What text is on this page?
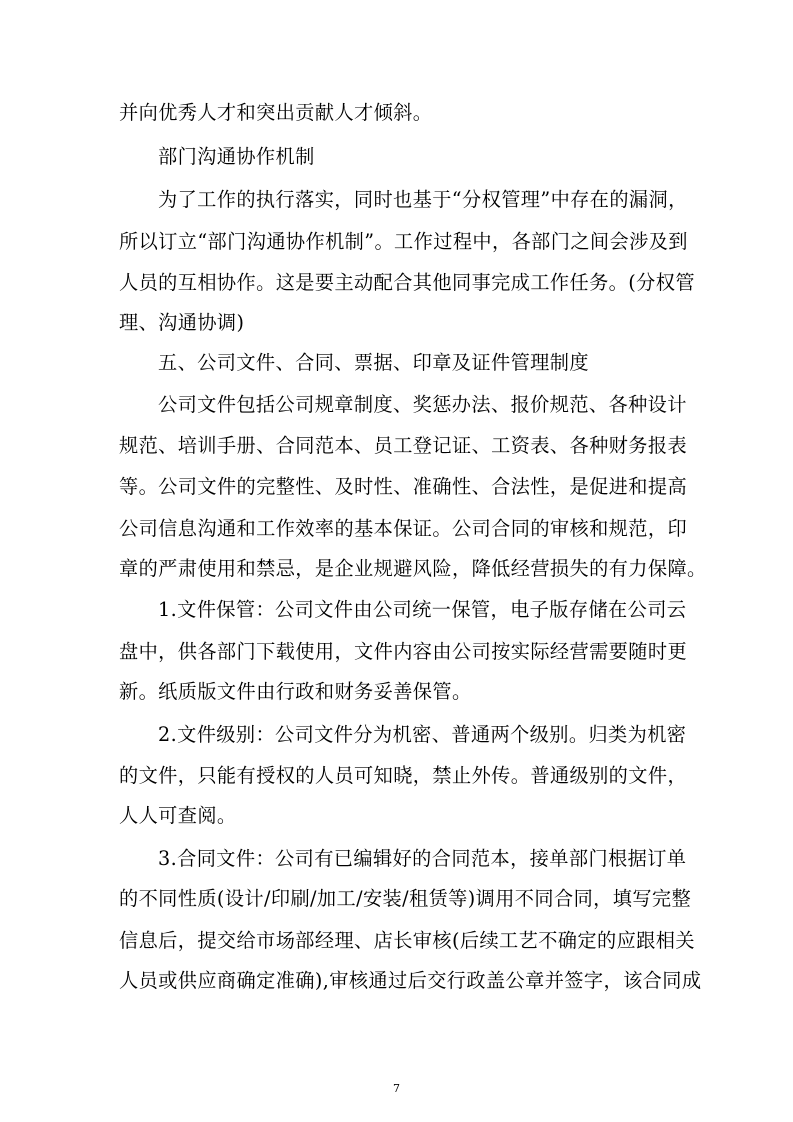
并向优秀人才和突出贡献人才倾斜。
部门沟通协作机制
为了工作的执行落实，同时也基于“分权管理”中存在的漏洞，
所以订立“部门沟通协作机制”。工作过程中，各部门之间会涉及到
人员的互相协作。这是要主动配合其他同事完成工作任务。(分权管
理、沟通协调)
五、公司文件、合同、票据、印章及证件管理制度
公司文件包括公司规章制度、奖惩办法、报价规范、各种设计
规范、培训手册、合同范本、员工登记证、工资表、各种财务报表
等。公司文件的完整性、及时性、准确性、合法性，是促进和提高
公司信息沟通和工作效率的基本保证。公司合同的审核和规范，印
章的严肃使用和禁忌，是企业规避风险，降低经营损失的有力保障。
1.文件保管：公司文件由公司统一保管，电子版存储在公司云
盘中，供各部门下载使用，文件内容由公司按实际经营需要随时更
新。纸质版文件由行政和财务妥善保管。
2.文件级别：公司文件分为机密、普通两个级别。归类为机密
的文件，只能有授权的人员可知晓，禁止外传。普通级别的文件，
人人可查阅。
3.合同文件：公司有已编辑好的合同范本，接单部门根据订单
的不同性质(设计/印刷/加工/安装/租赁等)调用不同合同，填写完整
信息后，提交给市场部经理、店长审核(后续工艺不确定的应跟相关
人员或供应商确定准确),审核通过后交行政盖公章并签字，该合同成
7
